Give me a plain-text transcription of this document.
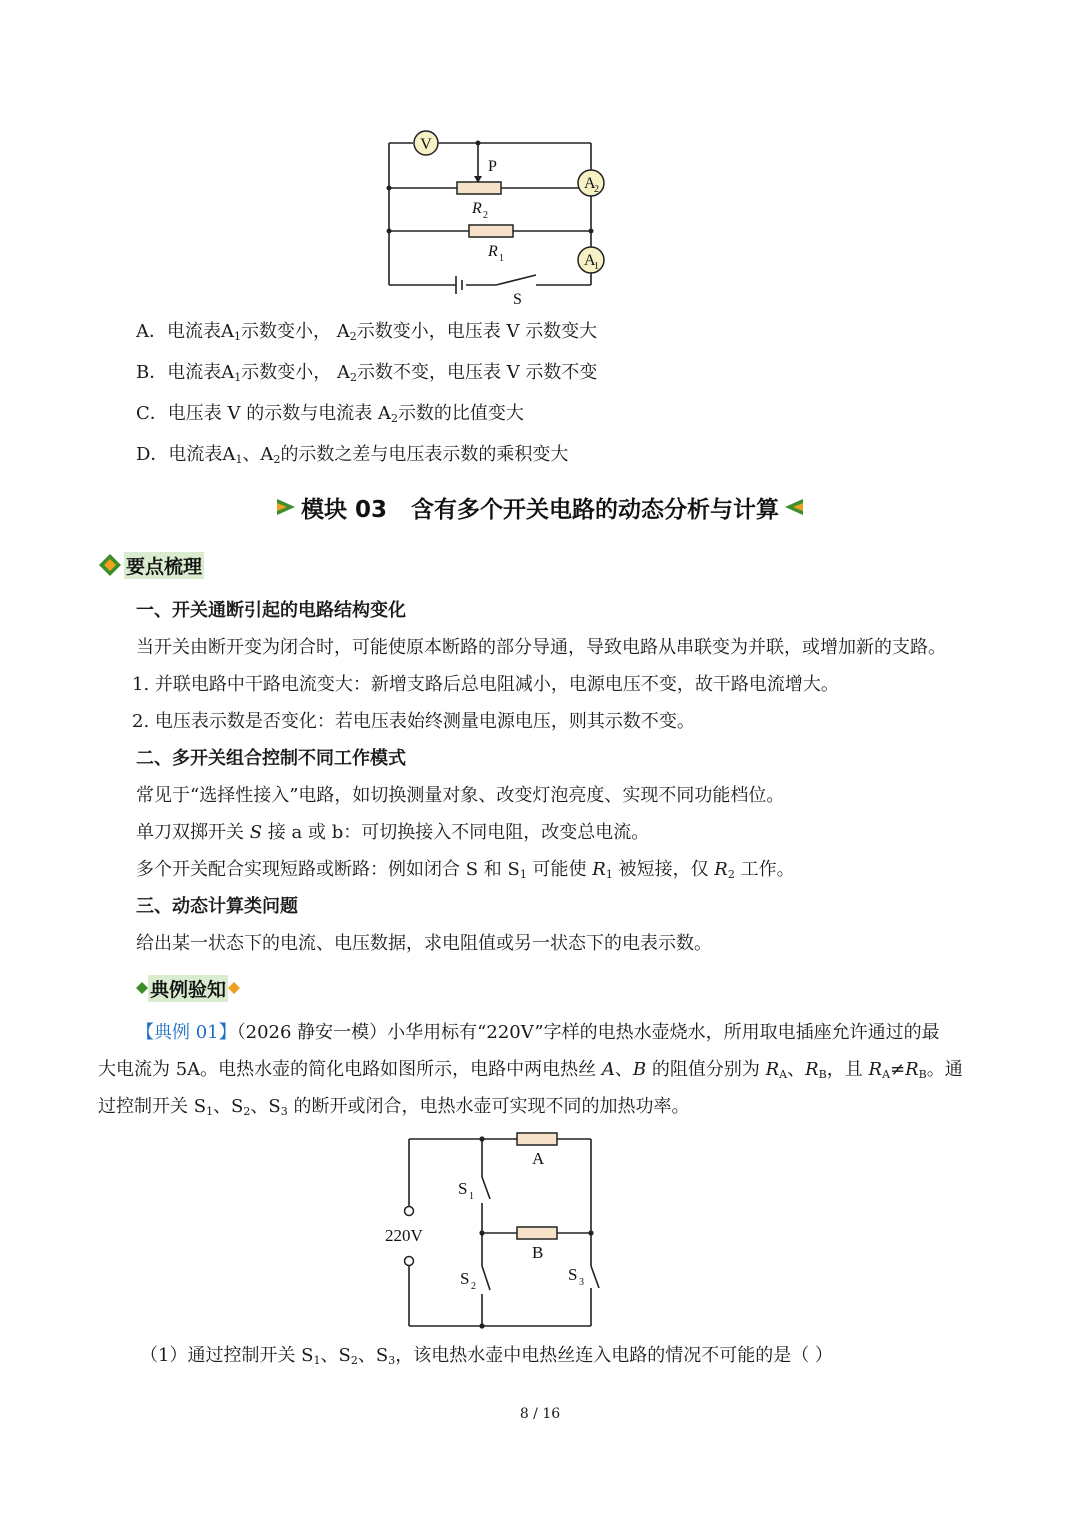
V
P
A
2
A
1
R 2
R 1
S
A．电流表$A_1$示数变小， $A_2$示数变小，电压表 V 示数变大
B．电流表$A_1$示数变小， $A_2$示数不变，电压表 V 示数不变
C．电压表 V 的示数与电流表 $A_2$示数的比值变大
D．电流表$A_1$、$A_2$的示数之差与电压表示数的乘积变大
模块 03   含有多个开关电路的动态分析与计算
要点梳理
一、开关通断引起的电路结构变化
当开关由断开变为闭合时，可能使原本断路的部分导通，导致电路从串联变为并联，或增加新的支路。
1. 并联电路中干路电流变大：新增支路后总电阻减小，电源电压不变，故干路电流增大。
2. 电压表示数是否变化：若电压表始终测量电源电压，则其示数不变。
二、多开关组合控制不同工作模式
常见于“选择性接入”电路，如切换测量对象、改变灯泡亮度、实现不同功能档位。
单刀双掷开关 S 接 a 或 b：可切换接入不同电阻，改变总电流。
多个开关配合实现短路或断路：例如闭合 S 和 $S_1$ 可能使 $R_1$ 被短接，仅 $R_2$ 工作。
三、动态计算类问题
给出某一状态下的电流、电压数据，求电阻值或另一状态下的电表示数。
典例验知
【典例 01】（2026 静安一模）小华用标有“220V”字样的电热水壶烧水，所用取电插座允许通过的最
大电流为 5A。电热水壶的简化电路如图所示，电路中两电热丝 A、B 的阻值分别为 $R_A$、$R_B$，且 $R_A\ne R_B$。通
过控制开关 $S_1$、$S_2$、$S_3$ 的断开或闭合，电热水壶可实现不同的加热功率。
A
B
220V
S 1
S 2
S 3
（1）通过控制开关 $S_1$、$S_2$、$S_3$，该电热水壶中电热丝连入电路的情况不可能的是（ ）
8 / 16
